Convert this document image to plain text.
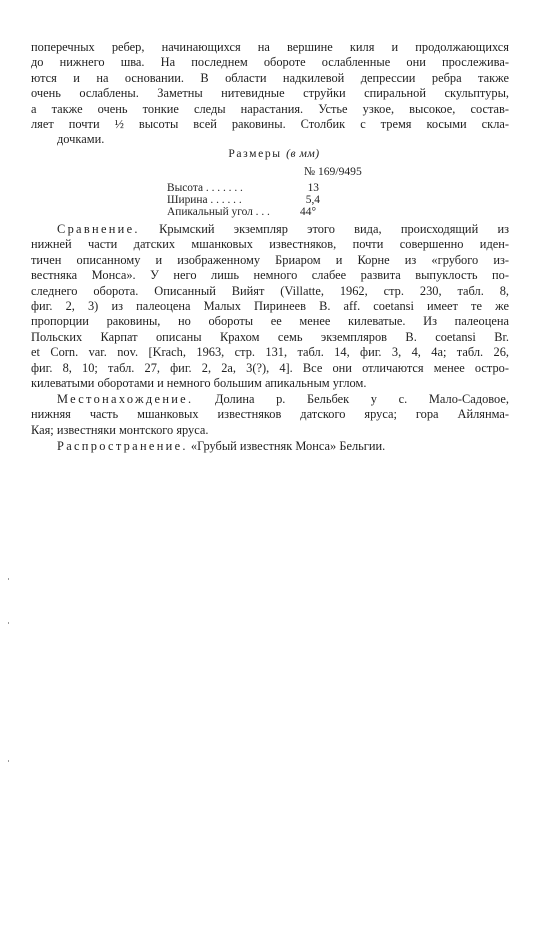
поперечных ребер, начинающихся на вершине киля и продолжающихся
до нижнего шва. На последнем обороте ослабленные они прослежива-
ются и на основании. В области надкилевой депрессии ребра также
очень ослаблены. Заметны нитевидные струйки спиральной скульптуры,
а также очень тонкие следы нарастания. Устье узкое, высокое, состав-
ляет почти ½ высоты всей раковины. Столбик с тремя косыми скла-
дочками.
Размеры (в мм)
№ 169/9495
Высота . . . . . . .	13
Ширина . . . . . .	5,4
Апикальный угол . . .	44°
Сравнение. Крымский экземпляр этого вида, происходящий из
нижней части датских мшанковых известняков, почти совершенно иден-
тичен описанному и изображенному Бриаром и Корне из «грубого из-
вестняка Монса». У него лишь немного слабее развита выпуклость по-
следнего оборота. Описанный Вийят (Villatte, 1962, стр. 230, табл. 8,
фиг. 2, 3) из палеоцена Малых Пиринеев B. aff. coetansi имеет те же
пропорции раковины, но обороты ее менее килеватые. Из палеоцена
Польских Карпат описаны Крахом семь экземпляров B. coetansi Br.
et Corn. var. nov. [Krach, 1963, стр. 131, табл. 14, фиг. 3, 4, 4a; табл. 26,
фиг. 8, 10; табл. 27, фиг. 2, 2a, 3(?), 4]. Все они отличаются менее остро-
килеватыми оборотами и немного большим апикальным углом.
Местонахождение. Долина р. Бельбек у с. Мало-Садовое,
нижняя часть мшанковых известняков датского яруса; гора Айлянма-
Кая; известняки монтского яруса.
Распространение. «Грубый известняк Монса» Бельгии.
